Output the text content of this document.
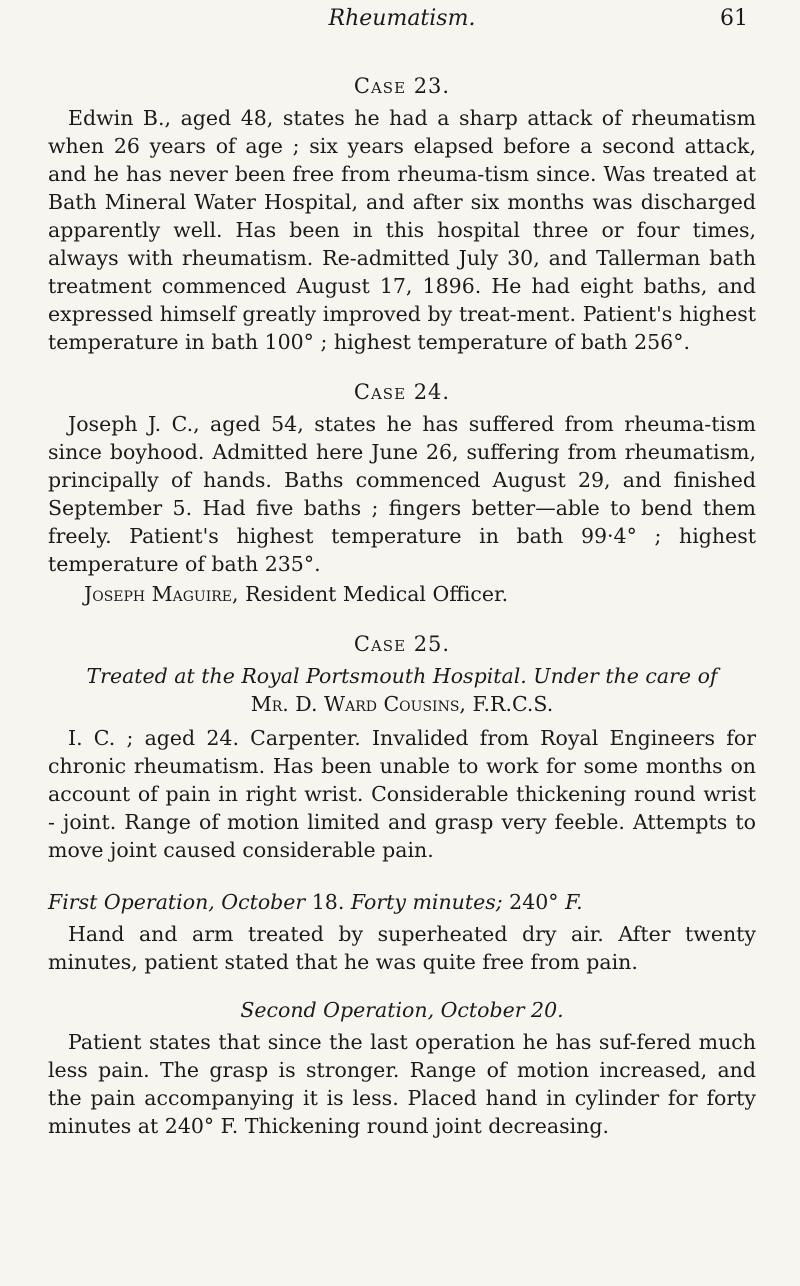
Rheumatism.	61
Case 23.

Edwin B., aged 48, states he had a sharp attack of rheumatism when 26 years of age ; six years elapsed before a second attack, and he has never been free from rheuma-tism since. Was treated at Bath Mineral Water Hospital, and after six months was discharged apparently well. Has been in this hospital three or four times, always with rheumatism. Re-admitted July 30, and Tallerman bath treatment commenced August 17, 1896. He had eight baths, and expressed himself greatly improved by treat-ment. Patient's highest temperature in bath 100° ; highest temperature of bath 256°.

Case 24.

Joseph J. C., aged 54, states he has suffered from rheuma-tism since boyhood. Admitted here June 26, suffering from rheumatism, principally of hands. Baths commenced August 29, and finished September 5. Had five baths ; fingers better—able to bend them freely. Patient's highest temperature in bath 99·4° ; highest temperature of bath 235°.

Joseph Maguire, Resident Medical Officer.

Case 25.

Treated at the Royal Portsmouth Hospital. Under the care of Mr. D. Ward Cousins, F.R.C.S.

I. C. ; aged 24. Carpenter. Invalided from Royal Engineers for chronic rheumatism. Has been unable to work for some months on account of pain in right wrist. Considerable thickening round wrist - joint. Range of motion limited and grasp very feeble. Attempts to move joint caused considerable pain.

First Operation, October 18. Forty minutes; 240° F.

Hand and arm treated by superheated dry air. After twenty minutes, patient stated that he was quite free from pain.

Second Operation, October 20.

Patient states that since the last operation he has suf-fered much less pain. The grasp is stronger. Range of motion increased, and the pain accompanying it is less. Placed hand in cylinder for forty minutes at 240° F. Thickening round joint decreasing.
